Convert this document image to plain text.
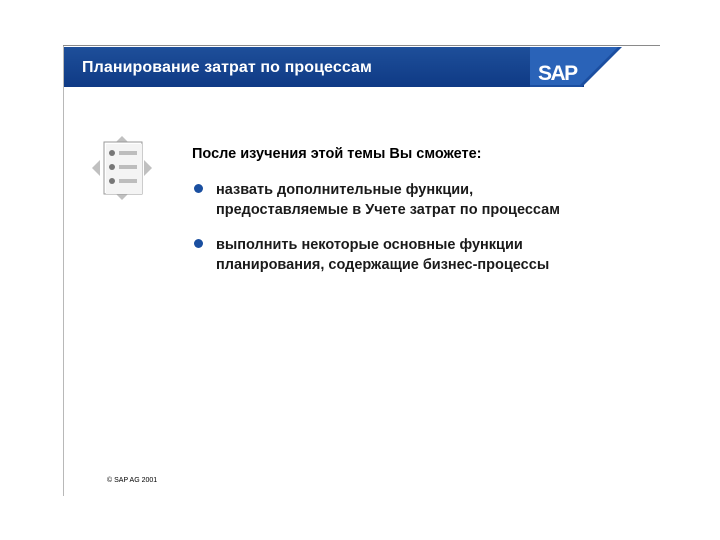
Планирование затрат по процессам	SAP
После изучения этой темы Вы сможете:
назвать дополнительные функции,
предоставляемые в Учете затрат по процессам
выполнить некоторые основные функции
планирования, содержащие бизнес-процессы
© SAP AG 2001
